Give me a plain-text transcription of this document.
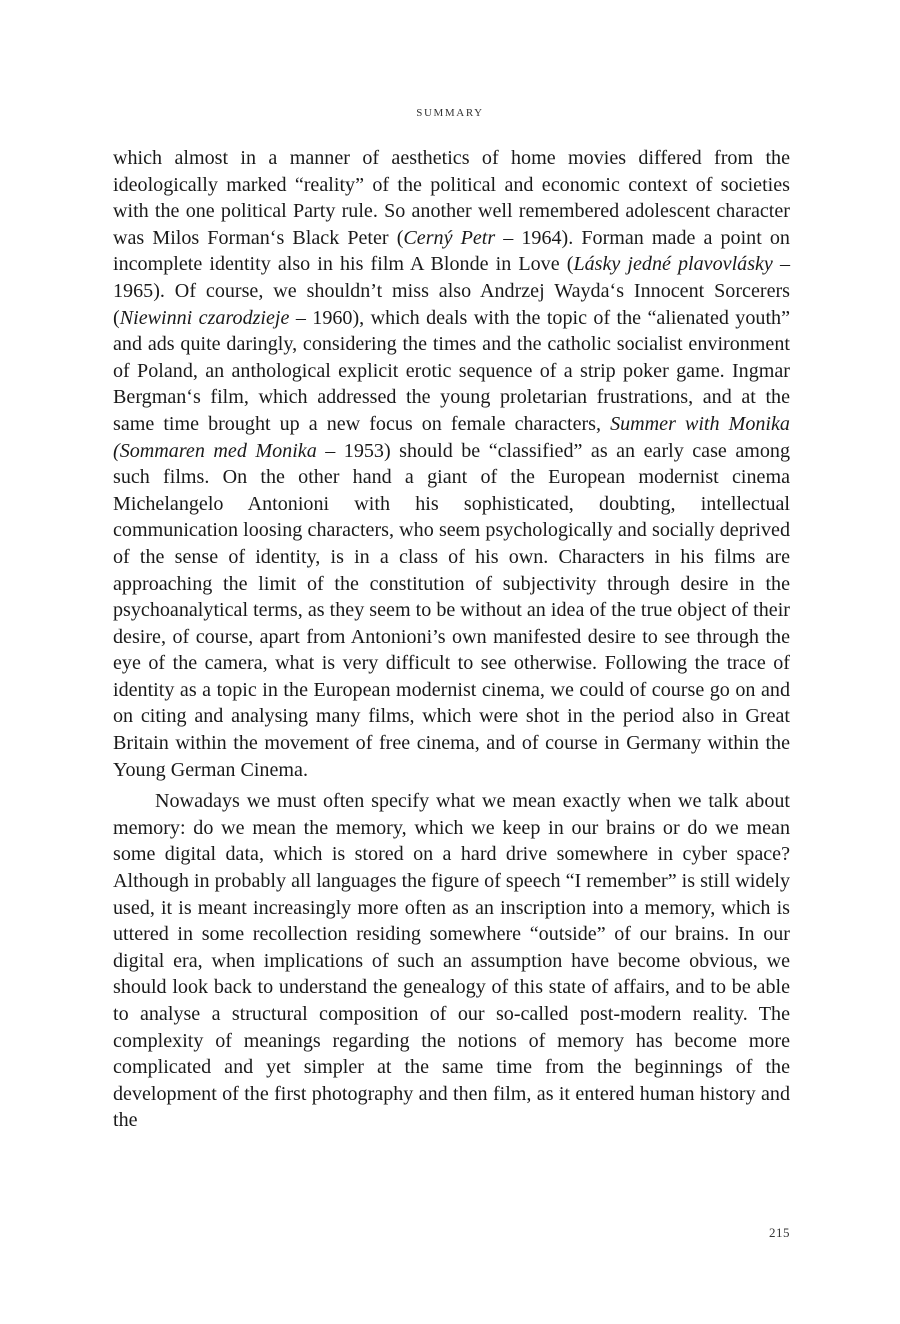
SUMMARY

which almost in a manner of aesthetics of home movies differed from the ideologically marked “reality” of the political and economic context of societies with the one political Party rule. So another well remembered adolescent character was Milos Forman‘s Black Peter (Cerný Petr – 1964). Forman made a point on incomplete identity also in his film A Blonde in Love (Lásky jedné plavovlásky – 1965). Of course, we shouldn’t miss also Andrzej Wayda‘s Innocent Sorcerers (Niewinni czarodzieje – 1960), which deals with the topic of the “alienated youth” and ads quite daringly, considering the times and the catholic socialist environment of Poland, an anthological explicit erotic sequence of a strip poker game. Ingmar Bergman‘s film, which addressed the young proletarian frustrations, and at the same time brought up a new focus on female characters, Summer with Monika (Sommaren med Monika – 1953) should be “classified” as an early case among such films. On the other hand a giant of the European modernist cinema Michelangelo Antonioni with his sophisticated, doubting, intellectual communication loosing characters, who seem psychologically and socially deprived of the sense of identity, is in a class of his own. Characters in his films are approaching the limit of the constitution of subjectivity through desire in the psychoanalytical terms, as they seem to be without an idea of the true object of their desire, of course, apart from Antonioni’s own manifested desire to see through the eye of the camera, what is very difficult to see otherwise. Following the trace of identity as a topic in the European modernist cinema, we could of course go on and on citing and analysing many films, which were shot in the period also in Great Britain within the movement of free cinema, and of course in Germany within the Young German Cinema.

Nowadays we must often specify what we mean exactly when we talk about memory: do we mean the memory, which we keep in our brains or do we mean some digital data, which is stored on a hard drive somewhere in cyber space? Although in probably all languages the figure of speech “I remember” is still widely used, it is meant increasingly more often as an inscription into a memory, which is uttered in some recollection residing somewhere “outside” of our brains. In our digital era, when implications of such an assumption have become obvious, we should look back to understand the genealogy of this state of affairs, and to be able to analyse a structural composition of our so-called post-modern reality. The complexity of meanings regarding the notions of memory has become more complicated and yet simpler at the same time from the beginnings of the development of the first photography and then film, as it entered human history and the

215
